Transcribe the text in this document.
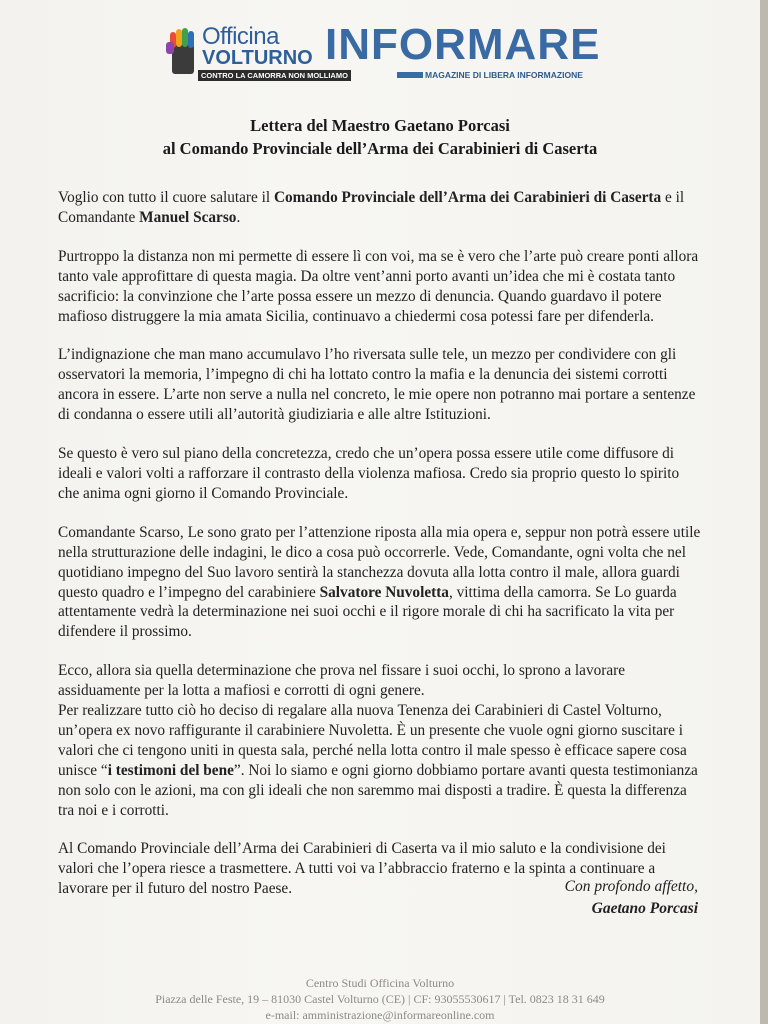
Officina
VOLTURNO
CONTRO LA CAMORRA NON MOLLIAMO
INFORMARE
MAGAZINE DI LIBERA INFORMAZIONE
Lettera del Maestro Gaetano Porcasi
al Comando Provinciale dell’Arma dei Carabinieri di Caserta

Voglio con tutto il cuore salutare il Comando Provinciale dell’Arma dei Carabinieri di Caserta e il Comandante Manuel Scarso.

Purtroppo la distanza non mi permette di essere lì con voi, ma se è vero che l’arte può creare ponti allora tanto vale approfittare di questa magia. Da oltre vent’anni porto avanti un’idea che mi è costata tanto sacrificio: la convinzione che l’arte possa essere un mezzo di denuncia. Quando guardavo il potere mafioso distruggere la mia amata Sicilia, continuavo a chiedermi cosa potessi fare per difenderla.

L’indignazione che man mano accumulavo l’ho riversata sulle tele, un mezzo per condividere con gli osservatori la memoria, l’impegno di chi ha lottato contro la mafia e la denuncia dei sistemi corrotti ancora in essere. L’arte non serve a nulla nel concreto, le mie opere non potranno mai portare a sentenze di condanna o essere utili all’autorità giudiziaria e alle altre Istituzioni.

Se questo è vero sul piano della concretezza, credo che un’opera possa essere utile come diffusore di ideali e valori volti a rafforzare il contrasto della violenza mafiosa. Credo sia proprio questo lo spirito che anima ogni giorno il Comando Provinciale.

Comandante Scarso, Le sono grato per l’attenzione riposta alla mia opera e, seppur non potrà essere utile nella strutturazione delle indagini, le dico a cosa può occorrerle. Vede, Comandante, ogni volta che nel quotidiano impegno del Suo lavoro sentirà la stanchezza dovuta alla lotta contro il male, allora guardi questo quadro e l’impegno del carabiniere Salvatore Nuvoletta, vittima della camorra. Se Lo guarda attentamente vedrà la determinazione nei suoi occhi e il rigore morale di chi ha sacrificato la vita per difendere il prossimo.

Ecco, allora sia quella determinazione che prova nel fissare i suoi occhi, lo sprono a lavorare assiduamente per la lotta a mafiosi e corrotti di ogni genere.

Per realizzare tutto ciò ho deciso di regalare alla nuova Tenenza dei Carabinieri di Castel Volturno, un’opera ex novo raffigurante il carabiniere Nuvoletta. È un presente che vuole ogni giorno suscitare i valori che ci tengono uniti in questa sala, perché nella lotta contro il male spesso è efficace sapere cosa unisce “i testimoni del bene”. Noi lo siamo e ogni giorno dobbiamo portare avanti questa testimonianza non solo con le azioni, ma con gli ideali che non saremmo mai disposti a tradire. È questa la differenza tra noi e i corrotti.

Al Comando Provinciale dell’Arma dei Carabinieri di Caserta va il mio saluto e la condivisione dei valori che l’opera riesce a trasmettere. A tutti voi va l’abbraccio fraterno e la spinta a continuare a lavorare per il futuro del nostro Paese.	Con profondo affetto,
Gaetano Porcasi
Centro Studi Officina Volturno
Piazza delle Feste, 19 – 81030 Castel Volturno (CE) | CF: 93055530617 | Tel. 0823 18 31 649
e-mail: amministrazione@informareonline.com
